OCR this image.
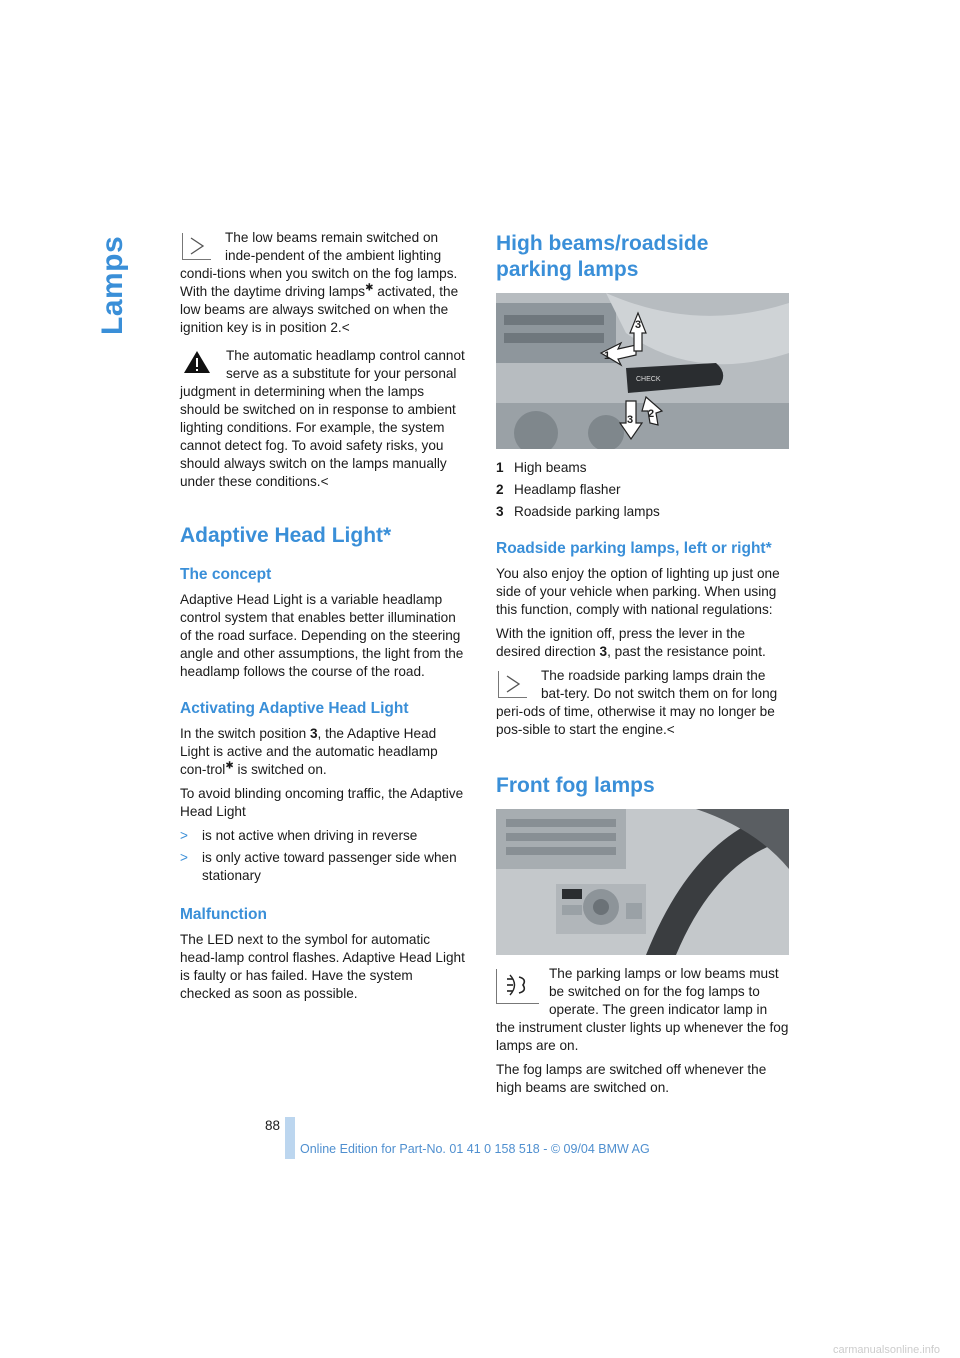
Lamps	The low beams remain switched on inde-pendent of the ambient lighting condi-tions when you switch on the fog lamps.
With the daytime driving lamps✱ activated, the low beams are always switched on when the ignition key is in position 2.<

The automatic headlamp control cannot serve as a substitute for your personal judgment in determining when the lamps should be switched on in response to ambient lighting conditions. For example, the system cannot detect fog. To avoid safety risks, you should always switch on the lamps manually under these conditions.<

Adaptive Head Light*
The concept

Adaptive Head Light is a variable headlamp control system that enables better illumination of the road surface. Depending on the steering angle and other assumptions, the light from the headlamp follows the course of the road.

Activating Adaptive Head Light

In the switch position 3, the Adaptive Head Light is active and the automatic headlamp con-trol✱ is switched on.

To avoid blinding oncoming traffic, the Adaptive Head Light

>	is not active when driving in reverse
>	is only active toward passenger side when stationary
Malfunction

The LED next to the symbol for automatic head-lamp control flashes. Adaptive Head Light is faulty or has failed. Have the system checked as soon as possible.

High beams/roadside parking lamps
CHECK
1
3
2
3
1 High beams
2 Headlamp flasher
3 Roadside parking lamps
Roadside parking lamps, left or right*

You also enjoy the option of lighting up just one side of your vehicle when parking. When using this function, comply with national regulations:

With the ignition off, press the lever in the desired direction 3, past the resistance point.

The roadside parking lamps drain the bat-tery. Do not switch them on for long peri-ods of time, otherwise it may no longer be pos-sible to start the engine.<

Front fog lamps

The parking lamps or low beams must be switched on for the fog lamps to operate. The green indicator lamp in the instrument cluster lights up whenever the fog lamps are on.

The fog lamps are switched off whenever the high beams are switched on.

88
Online Edition for Part-No. 01 41 0 158 518 - © 09/04 BMW AG
carmanualsonline.info
